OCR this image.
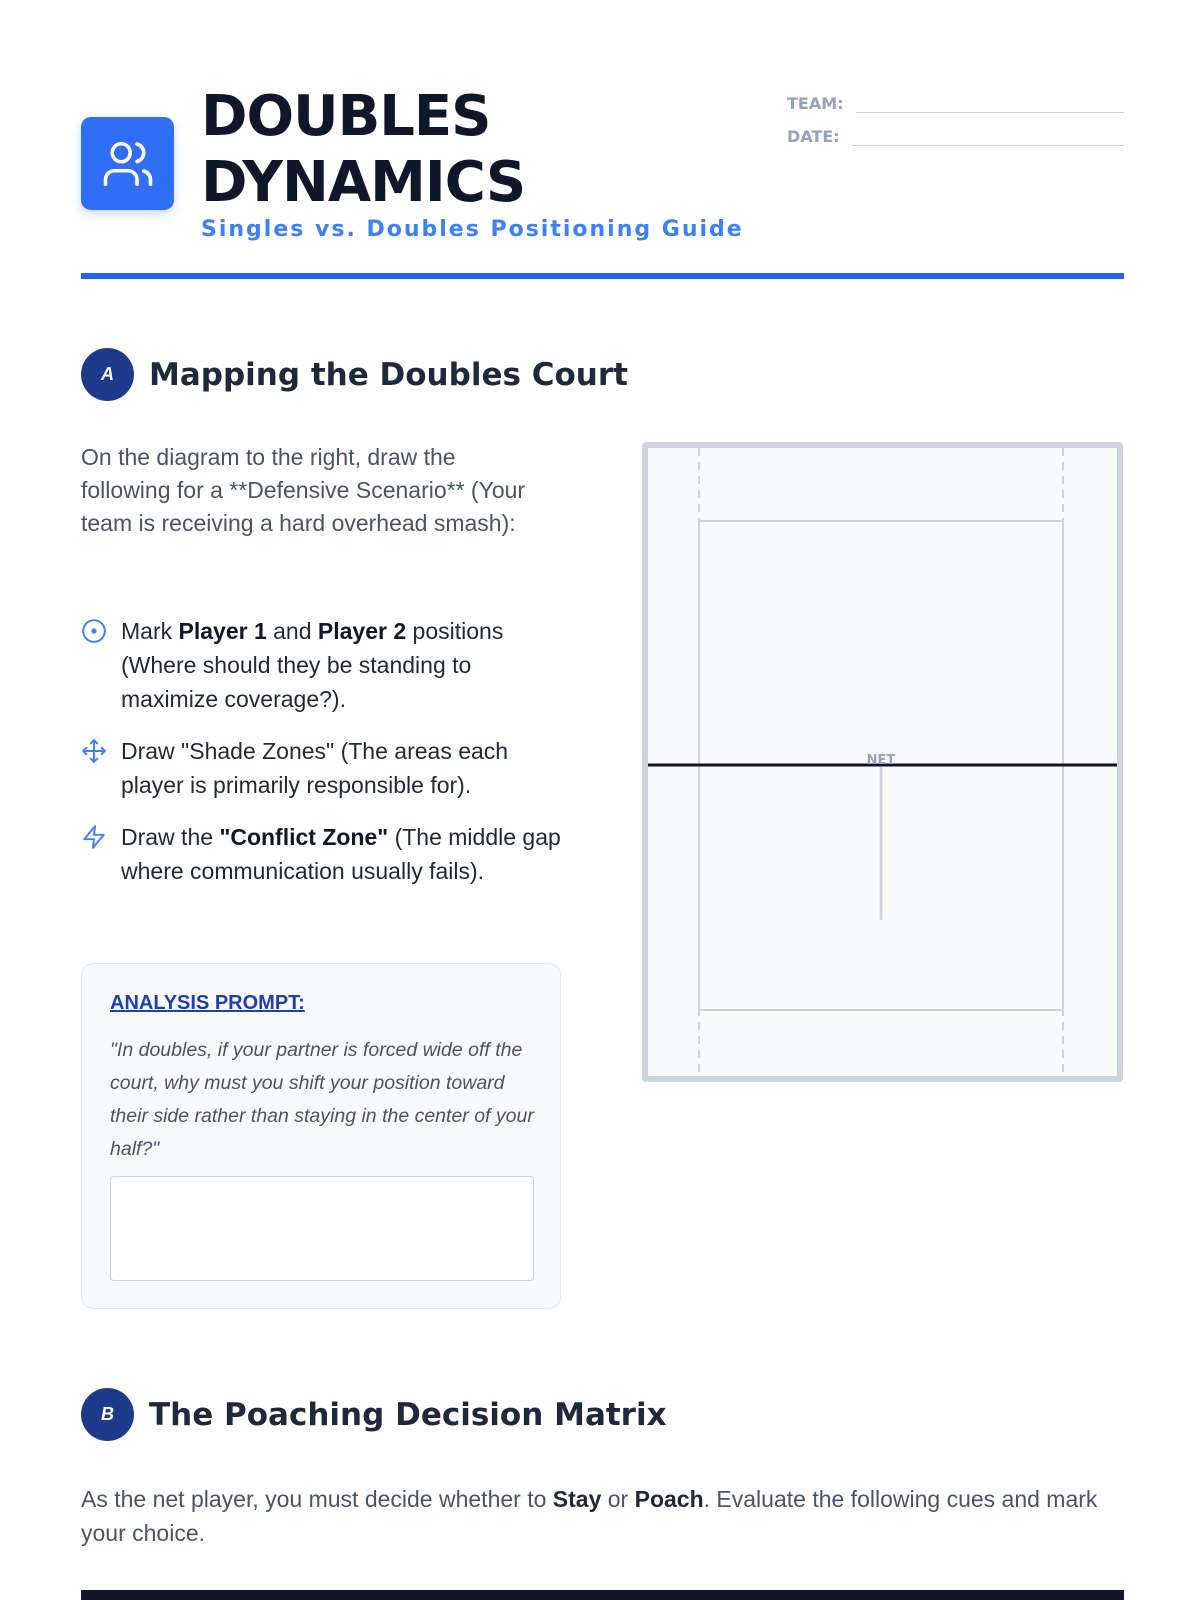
DOUBLES
DYNAMICS
Singles vs. Doubles Positioning Guide
TEAM:
DATE:
A	Mapping the Doubles Court
On the diagram to the right, draw the following for a **Defensive Scenario** (Your team is receiving a hard overhead smash):
Mark Player 1 and Player 2 positions (Where should they be standing to maximize coverage?).
Draw "Shade Zones" (The areas each player is primarily responsible for).
Draw the "Conflict Zone" (The middle gap where communication usually fails).
ANALYSIS PROMPT:
"In doubles, if your partner is forced wide off the court, why must you shift your position toward their side rather than staying in the center of your half?"
NET
B	The Poaching Decision Matrix
As the net player, you must decide whether to Stay or Poach. Evaluate the following cues and mark your choice.
